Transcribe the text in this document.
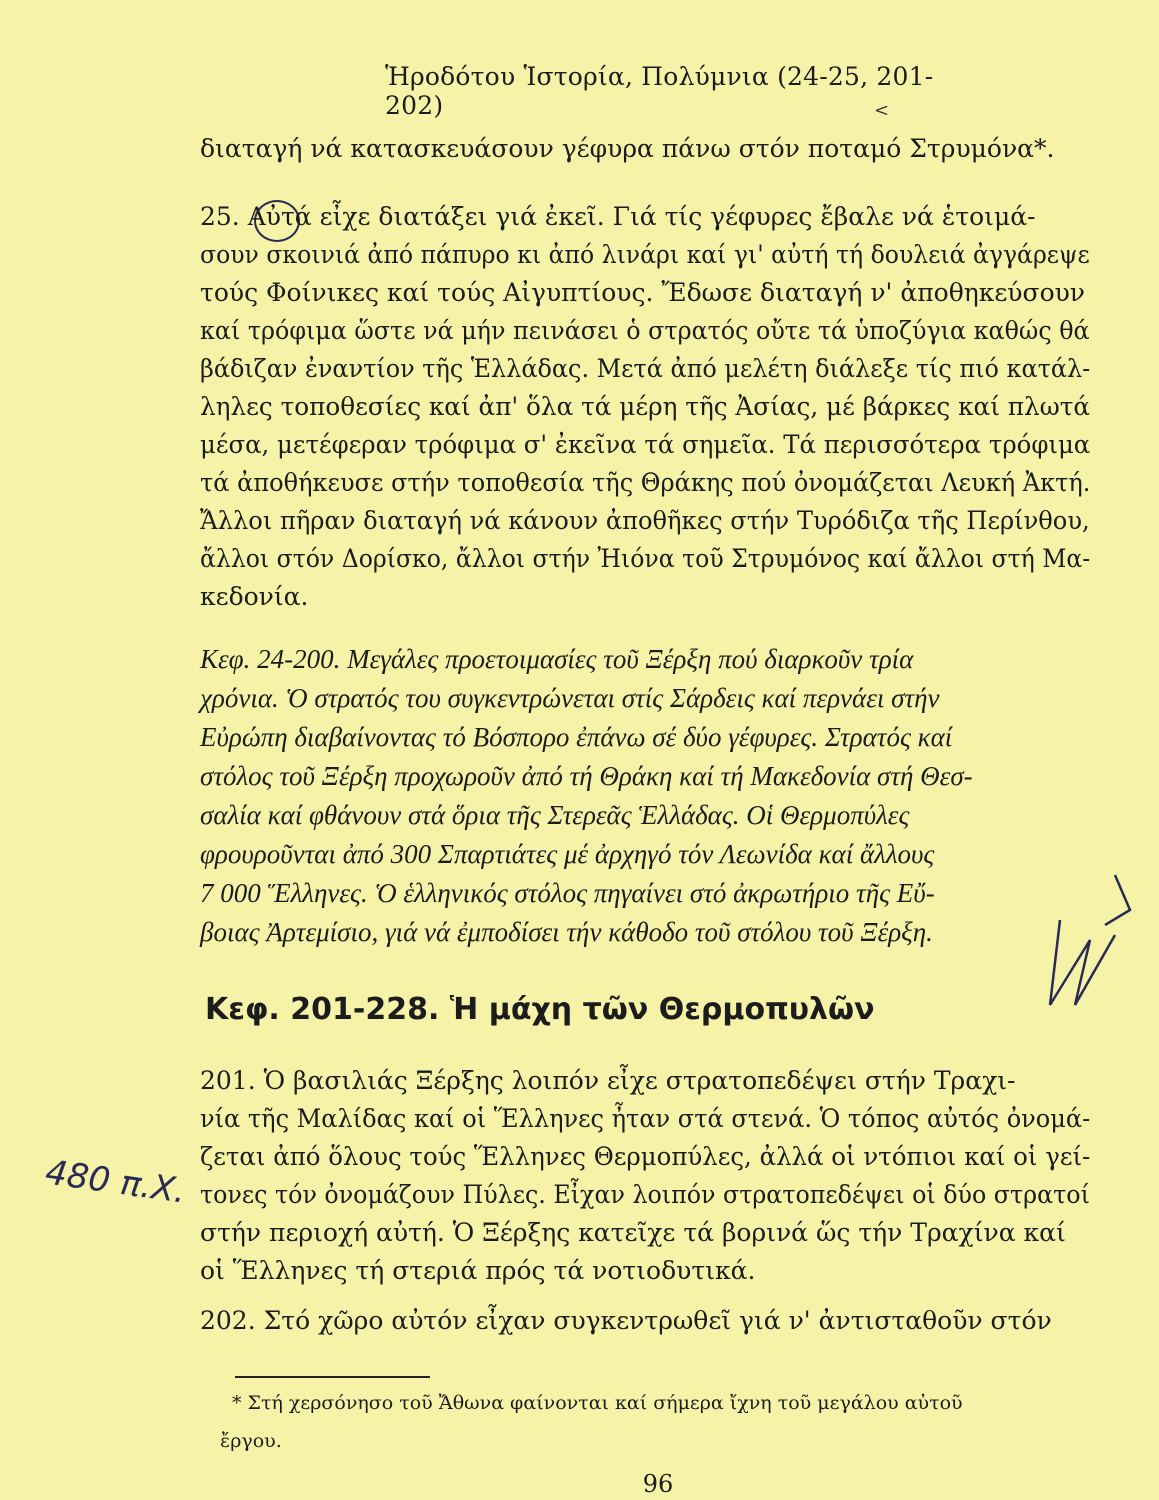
Ἡροδότου Ἱστορία, Πολύμνια (24-25, 201-202)	<
διαταγή νά κατασκευάσουν γέφυρα πάνω στόν ποταμό Στρυμόνα*.
25. Αὐτά εἶχε διατάξει γιά ἐκεῖ. Γιά τίς γέφυρες ἔβαλε νά ἑτοιμά-
σουν σκοινιά ἀπό πάπυρο κι ἀπό λινάρι καί γι' αὐτή τή δουλειά ἀγγάρεψε
τούς Φοίνικες καί τούς Αἰγυπτίους. Ἔδωσε διαταγή ν' ἀποθηκεύσουν
καί τρόφιμα ὥστε νά μήν πεινάσει ὁ στρατός οὔτε τά ὑποζύγια καθώς θά
βάδιζαν ἐναντίον τῆς Ἑλλάδας. Μετά ἀπό μελέτη διάλεξε τίς πιό κατάλ-
ληλες τοποθεσίες καί ἀπ' ὅλα τά μέρη τῆς Ἀσίας, μέ βάρκες καί πλωτά
μέσα, μετέφεραν τρόφιμα σ' ἐκεῖνα τά σημεῖα. Τά περισσότερα τρόφιμα
τά ἀποθήκευσε στήν τοποθεσία τῆς Θράκης πού ὀνομάζεται Λευκή Ἀκτή.
Ἄλλοι πῆραν διαταγή νά κάνουν ἀποθῆκες στήν Τυρόδιζα τῆς Περίνθου,
ἄλλοι στόν Δορίσκο, ἄλλοι στήν Ἠιόνα τοῦ Στρυμόνος καί ἄλλοι στή Μα-
κεδονία.
Κεφ. 24-200. Μεγάλες προετοιμασίες τοῦ Ξέρξη πού διαρκοῦν τρία
χρόνια. Ὁ στρατός του συγκεντρώνεται στίς Σάρδεις καί περνάει στήν
Εὐρώπη διαβαίνοντας τό Βόσπορο ἐπάνω σέ δύο γέφυρες. Στρατός καί
στόλος τοῦ Ξέρξη προχωροῦν ἀπό τή Θράκη καί τή Μακεδονία στή Θεσ-
σαλία καί φθάνουν στά ὅρια τῆς Στερεᾶς Ἑλλάδας. Οἱ Θερμοπύλες
φρουροῦνται ἀπό 300 Σπαρτιάτες μέ ἀρχηγό τόν Λεωνίδα καί ἄλλους
7 000 Ἕλληνες. Ὁ ἑλληνικός στόλος πηγαίνει στό ἀκρωτήριο τῆς Εὔ-
βοιας Ἀρτεμίσιο, γιά νά ἐμποδίσει τήν κάθοδο τοῦ στόλου τοῦ Ξέρξη.
Κεφ. 201-228. Ἡ μάχη τῶν Θερμοπυλῶν
201. Ὁ βασιλιάς Ξέρξης λοιπόν εἶχε στρατοπεδέψει στήν Τραχι-
νία τῆς Μαλίδας καί οἱ Ἕλληνες ἦταν στά στενά. Ὁ τόπος αὐτός ὀνομά-
ζεται ἀπό ὅλους τούς Ἕλληνες Θερμοπύλες, ἀλλά οἱ ντόπιοι καί οἱ γεί-
τονες τόν ὀνομάζουν Πύλες. Εἶχαν λοιπόν στρατοπεδέψει οἱ δύο στρατοί
στήν περιοχή αὐτή. Ὁ Ξέρξης κατεῖχε τά βορινά ὥς τήν Τραχίνα καί
οἱ Ἕλληνες τή στεριά πρός τά νοτιοδυτικά.
480 π.Χ.
202. Στό χῶρο αὐτόν εἶχαν συγκεντρωθεῖ γιά ν' ἀντισταθοῦν στόν
* Στή χερσόνησο τοῦ Ἄθωνα φαίνονται καί σήμερα ἴχνη τοῦ μεγάλου αὐτοῦ
ἔργου.
96
